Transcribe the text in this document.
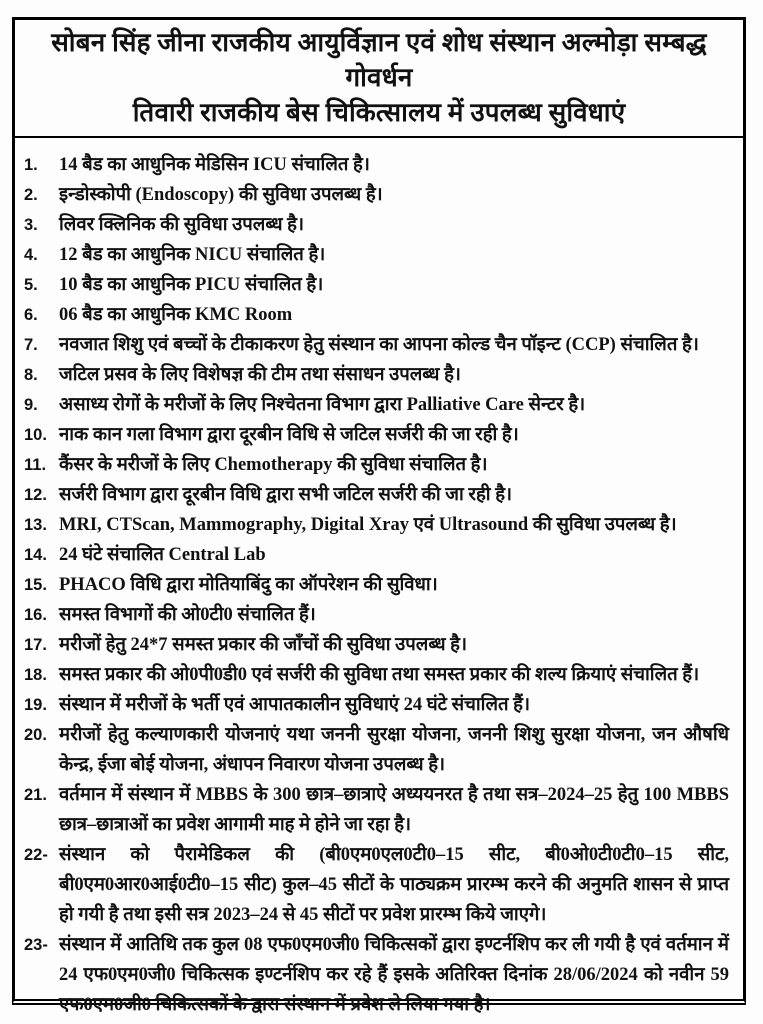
सोबन सिंह जीना राजकीय आयुर्विज्ञान एवं शोध संस्थान अल्मोड़ा सम्बद्ध गोवर्धन
तिवारी राजकीय बेस चिकित्सालय में उपलब्ध सुविधाएं
1.	14 बैड का आधुनिक मेडिसिन ICU संचालित है।
2.	इन्डोस्कोपी (Endoscopy) की सुविधा उपलब्ध है।
3.	लिवर क्लिनिक की सुविधा उपलब्ध है।
4.	12 बैड का आधुनिक NICU संचालित है।
5.	10 बैड का आधुनिक PICU संचालित है।
6.	06 बैड का आधुनिक KMC Room
7.	नवजात शिशु एवं बच्चों के टीकाकरण हेतु संस्थान का आपना कोल्ड चैन पॉइन्ट (CCP) संचालित है।
8.	जटिल प्रसव के लिए विशेषज्ञ की टीम तथा संसाधन उपलब्ध है।
9.	असाध्य रोगों के मरीजों के लिए निश्चेतना विभाग द्वारा Palliative Care सेन्टर है।
10. नाक कान गला विभाग द्वारा दूरबीन विधि से जटिल सर्जरी की जा रही है।
11. कैंसर के मरीजों के लिए Chemotherapy की सुविधा संचालित है।
12. सर्जरी विभाग द्वारा दूरबीन विधि द्वारा सभी जटिल सर्जरी की जा रही है।
13. MRI, CTScan, Mammography, Digital Xray एवं Ultrasound की सुविधा उपलब्ध है।
14. 24 घंटे संचालित Central Lab
15. PHACO विधि द्वारा मोतियाबिंदु का ऑपरेशन की सुविधा।
16. समस्त विभागों की ओ0टी0 संचालित हैं।
17. मरीजों हेतु 24*7 समस्त प्रकार की जाँचों की सुविधा उपलब्ध है।
18. समस्त प्रकार की ओ0पी0डी0 एवं सर्जरी की सुविधा तथा समस्त प्रकार की शल्य क्रियाएं संचालित हैं।
19. संस्थान में मरीजों के भर्ती एवं आपातकालीन सुविधाएं 24 घंटे संचालित हैं।
20. मरीजों हेतु कल्याणकारी योजनाएं यथा जननी सुरक्षा योजना, जननी शिशु सुरक्षा योजना, जन औषधि केन्द्र, ईजा बोई योजना, अंधापन निवारण योजना उपलब्ध है।
21. वर्तमान में संस्थान में MBBS के 300 छात्र–छात्राऐ अध्ययनरत है तथा सत्र–2024–25 हेतु 100 MBBS छात्र–छात्राओं का प्रवेश आगामी माह मे होने जा रहा है।
22- संस्थान को पैरामेडिकल की (बी0एम0एल0टी0–15 सीट, बी0ओ0टी0टी0–15 सीट, बी0एम0आर0आई0टी0–15 सीट) कुल–45 सीटों के पाठ्यक्रम प्रारम्भ करने की अनुमति शासन से प्राप्त हो गयी है तथा इसी सत्र 2023–24 से 45 सीटों पर प्रवेश प्रारम्भ किये जाएगे।
23- संस्थान में आतिथि तक कुल 08 एफ0एम0जी0 चिकित्सकों द्वारा इण्टर्नशिप कर ली गयी है एवं वर्तमान में 24 एफ0एम0जी0 चिकित्सक इण्टर्नशिप कर रहे हैं इसके अतिरिक्त दिनांक 28/06/2024 को नवीन 59 एफ0एम0जी0 चिकित्सकों के द्वारा संस्थान में प्रवेश ले लिया गया है।
